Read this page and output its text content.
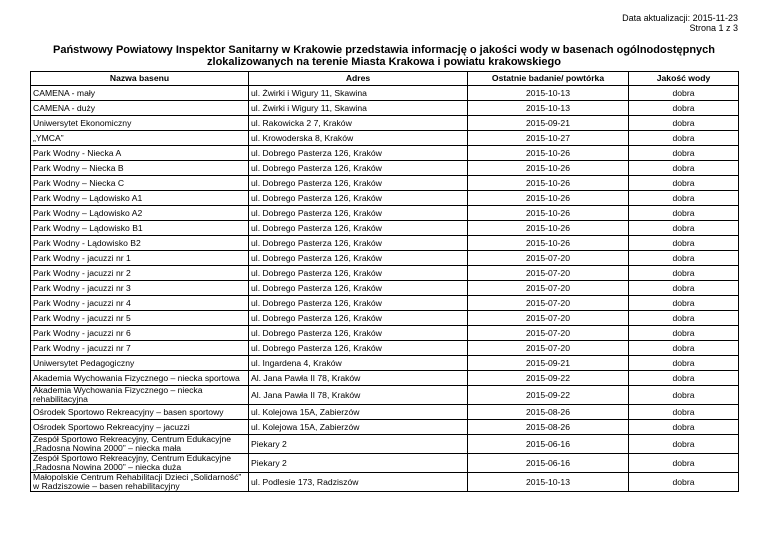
Data aktualizacji: 2015-11-23
Strona 1 z 3
Państwowy Powiatowy Inspektor Sanitarny w Krakowie przedstawia informację o jakości wody w basenach ogólnodostępnych zlokalizowanych na terenie Miasta Krakowa i powiatu krakowskiego
Nazwa basenu	Adres	Ostatnie badanie/ powtórka	Jakość wody
CAMENA - mały	ul. Żwirki i Wigury 11, Skawina	2015-10-13	dobra
CAMENA - duży	ul. Żwirki i Wigury 11, Skawina	2015-10-13	dobra
Uniwersytet Ekonomiczny	ul. Rakowicka 2 7, Kraków	2015-09-21	dobra
„YMCA”	ul. Krowoderska 8, Kraków	2015-10-27	dobra
Park Wodny - Niecka A	ul. Dobrego Pasterza 126, Kraków	2015-10-26	dobra
Park Wodny – Niecka B	ul. Dobrego Pasterza 126, Kraków	2015-10-26	dobra
Park Wodny – Niecka C	ul. Dobrego Pasterza 126, Kraków	2015-10-26	dobra
Park Wodny – Lądowisko A1	ul. Dobrego Pasterza 126, Kraków	2015-10-26	dobra
Park Wodny – Lądowisko A2	ul. Dobrego Pasterza 126, Kraków	2015-10-26	dobra
Park Wodny – Lądowisko B1	ul. Dobrego Pasterza 126, Kraków	2015-10-26	dobra
Park Wodny - Lądowisko B2	ul. Dobrego Pasterza 126, Kraków	2015-10-26	dobra
Park Wodny - jacuzzi nr 1	ul. Dobrego Pasterza 126, Kraków	2015-07-20	dobra
Park Wodny - jacuzzi nr 2	ul. Dobrego Pasterza 126, Kraków	2015-07-20	dobra
Park Wodny - jacuzzi nr 3	ul. Dobrego Pasterza 126, Kraków	2015-07-20	dobra
Park Wodny - jacuzzi nr 4	ul. Dobrego Pasterza 126, Kraków	2015-07-20	dobra
Park Wodny - jacuzzi nr 5	ul. Dobrego Pasterza 126, Kraków	2015-07-20	dobra
Park Wodny - jacuzzi nr 6	ul. Dobrego Pasterza 126, Kraków	2015-07-20	dobra
Park Wodny - jacuzzi nr 7	ul. Dobrego Pasterza 126, Kraków	2015-07-20	dobra
Uniwersytet Pedagogiczny	ul. Ingardena 4, Kraków	2015-09-21	dobra
Akademia Wychowania Fizycznego – niecka sportowa	Al. Jana Pawła II 78, Kraków	2015-09-22	dobra
Akademia Wychowania Fizycznego – niecka rehabilitacyjna	Al. Jana Pawła II 78, Kraków	2015-09-22	dobra
Ośrodek Sportowo Rekreacyjny – basen sportowy	ul. Kolejowa 15A, Zabierzów	2015-08-26	dobra
Ośrodek Sportowo Rekreacyjny – jacuzzi	ul. Kolejowa 15A, Zabierzów	2015-08-26	dobra
Zespół Sportowo Rekreacyjny, Centrum Edukacyjne „Radosna Nowina 2000” – niecka mała	Piekary 2	2015-06-16	dobra
Zespół Sportowo Rekreacyjny, Centrum Edukacyjne „Radosna Nowina 2000” – niecka duża	Piekary 2	2015-06-16	dobra
Małopolskie Centrum Rehabilitacji Dzieci „Solidarność” w Radziszowie – basen rehabilitacyjny	ul. Podlesie 173, Radziszów	2015-10-13	dobra
